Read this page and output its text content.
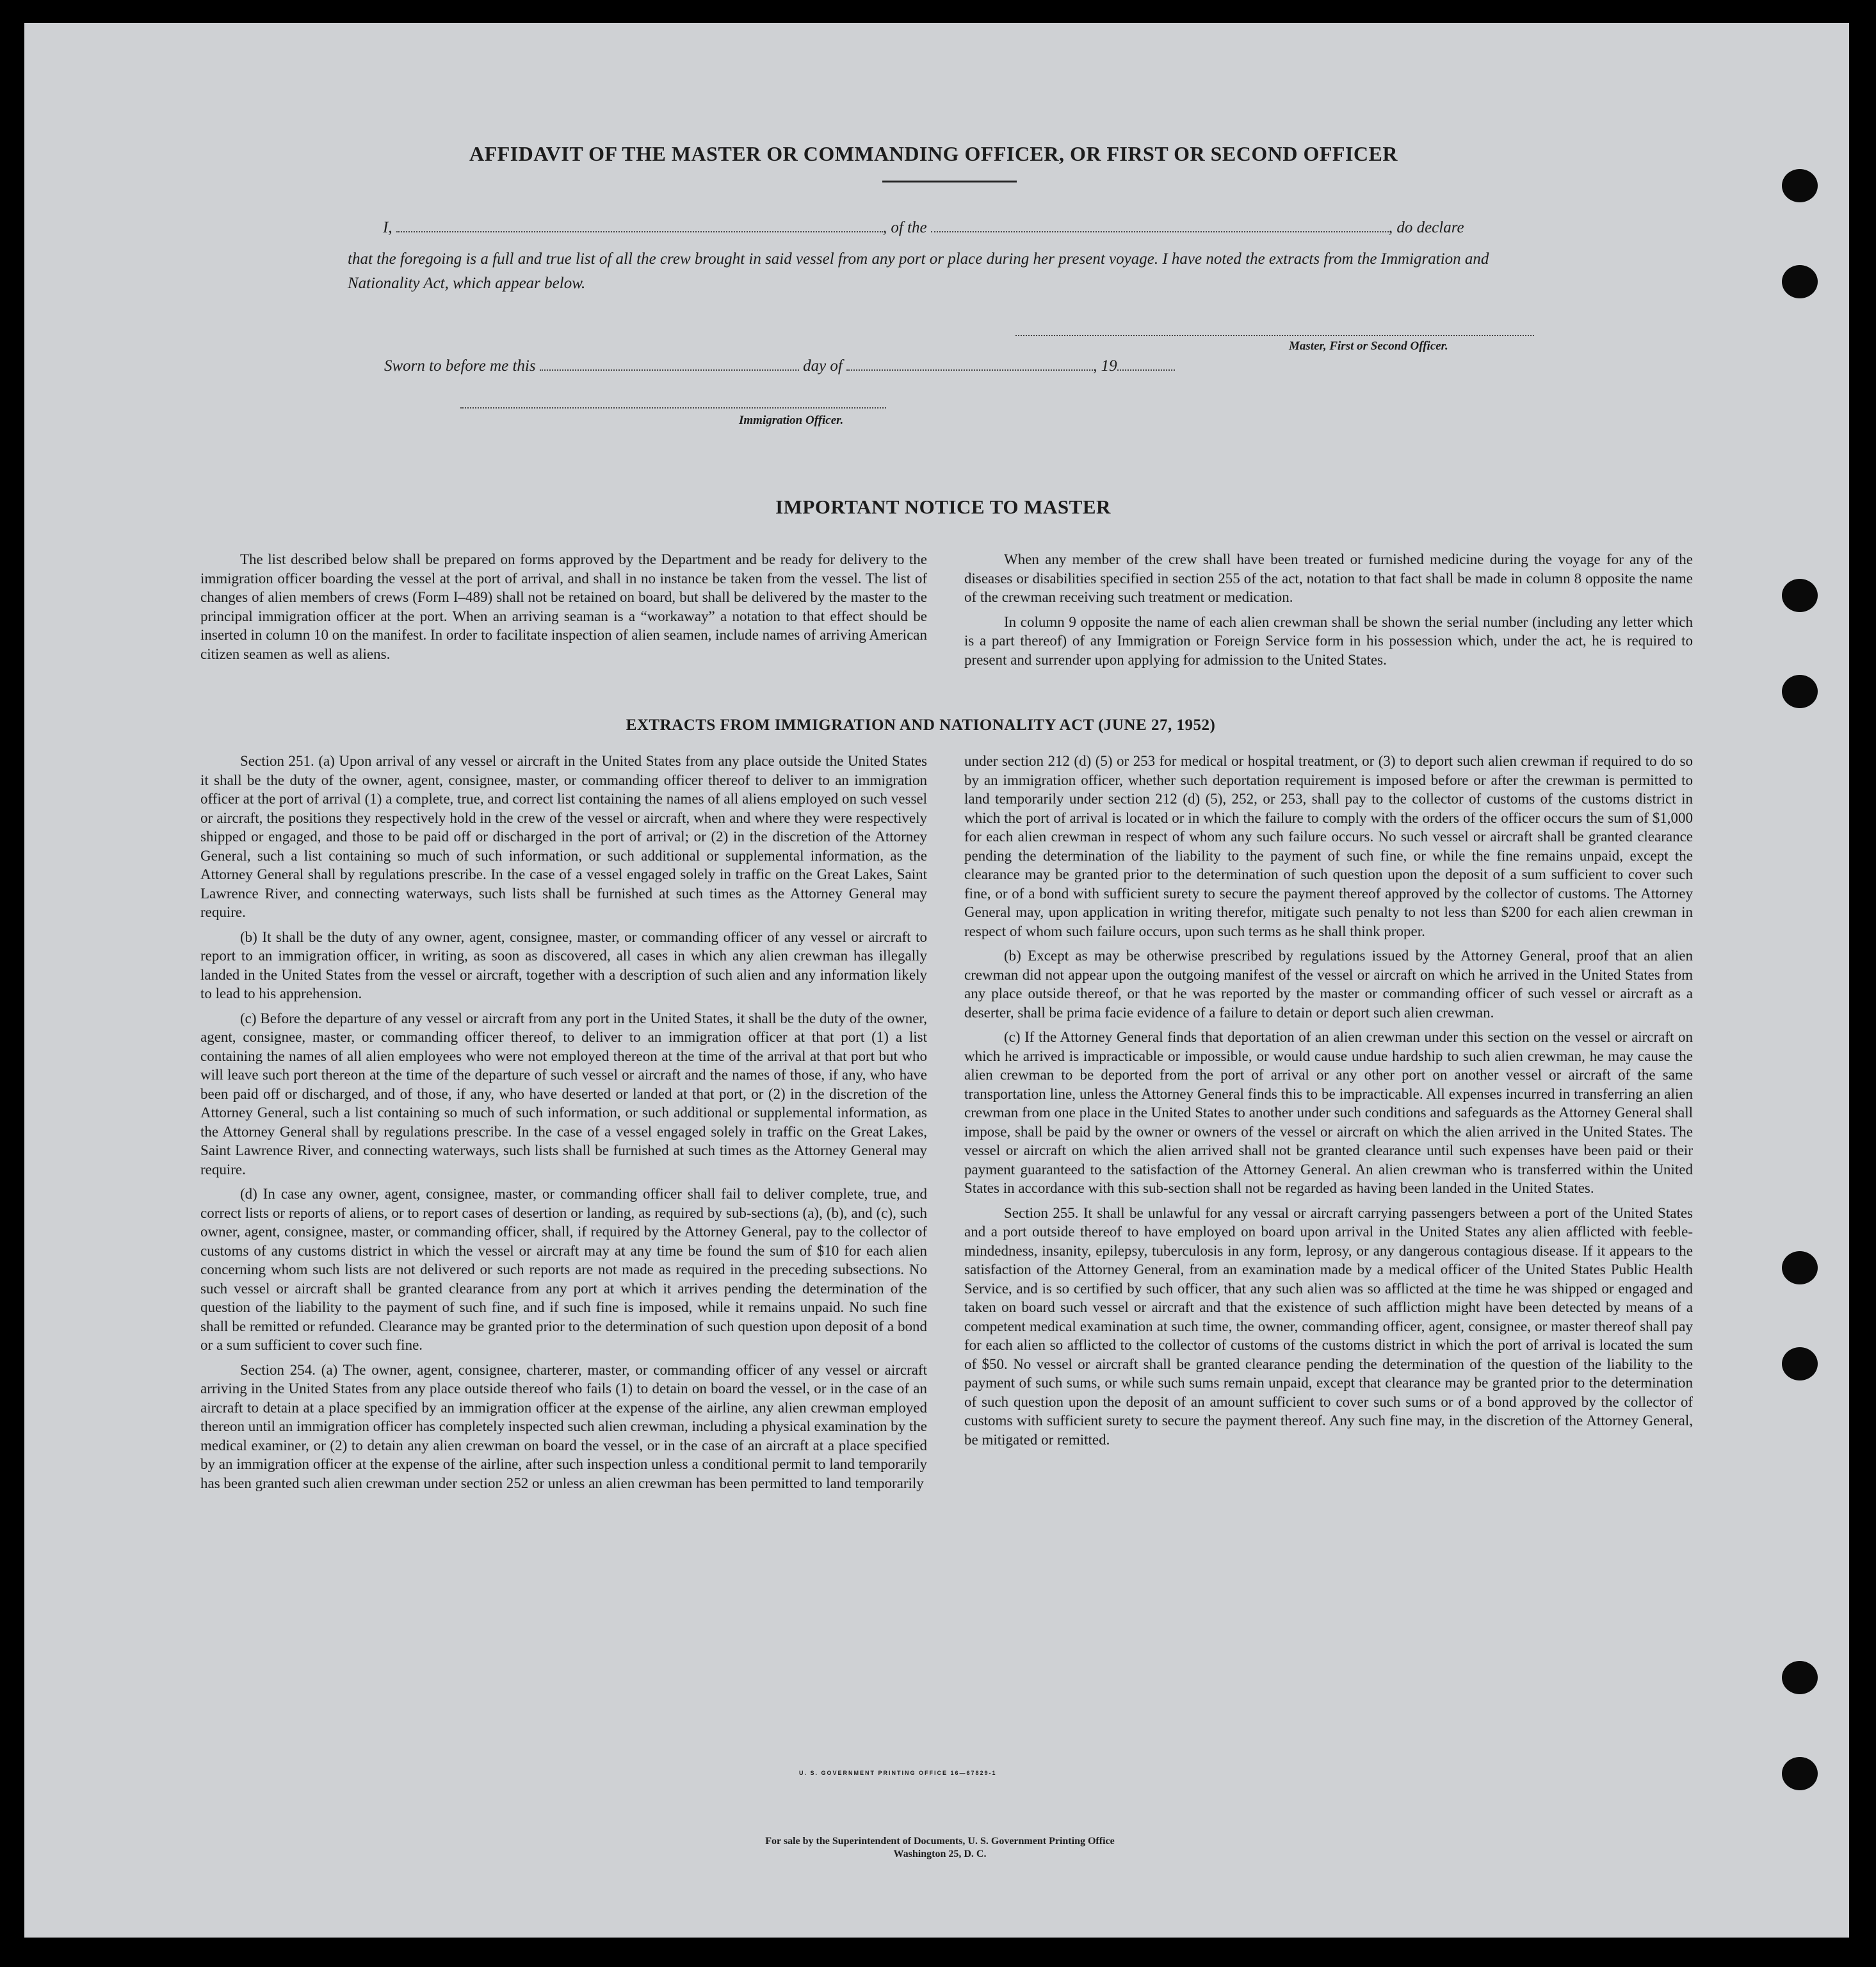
AFFIDAVIT OF THE MASTER OR COMMANDING OFFICER, OR FIRST OR SECOND OFFICER
I,	, of the	, do declare
that the foregoing is a full and true list of all the crew brought in said vessel from any port or place during her present voyage. I have noted the extracts from the Immigration and Nationality Act, which appear below.
Master, First or Second Officer.
Sworn to before me this	day of	, 19
Immigration Officer.
IMPORTANT NOTICE TO MASTER

The list described below shall be prepared on forms approved by the Department and be ready for delivery to the immigration officer boarding the vessel at the port of arrival, and shall in no instance be taken from the vessel. The list of changes of alien members of crews (Form I–489) shall not be retained on board, but shall be delivered by the master to the principal immigration officer at the port. When an arriving seaman is a “workaway” a notation to that effect should be inserted in column 10 on the manifest. In order to facilitate inspection of alien seamen, include names of arriving American citizen seamen as well as aliens.

When any member of the crew shall have been treated or furnished medicine during the voyage for any of the diseases or disabilities specified in section 255 of the act, notation to that fact shall be made in column 8 opposite the name of the crewman receiving such treatment or medication.

In column 9 opposite the name of each alien crewman shall be shown the serial number (including any letter which is a part thereof) of any Immigration or Foreign Service form in his possession which, under the act, he is required to present and surrender upon applying for admission to the United States.

EXTRACTS FROM IMMIGRATION AND NATIONALITY ACT (JUNE 27, 1952)

Section 251. (a) Upon arrival of any vessel or aircraft in the United States from any place outside the United States it shall be the duty of the owner, agent, consignee, master, or commanding officer thereof to deliver to an immigration officer at the port of arrival (1) a complete, true, and correct list containing the names of all aliens employed on such vessel or aircraft, the positions they respectively hold in the crew of the vessel or aircraft, when and where they were respectively shipped or engaged, and those to be paid off or discharged in the port of arrival; or (2) in the discretion of the Attorney General, such a list containing so much of such information, or such additional or supplemental information, as the Attorney General shall by regulations prescribe. In the case of a vessel engaged solely in traffic on the Great Lakes, Saint Lawrence River, and connecting waterways, such lists shall be furnished at such times as the Attorney General may require.

(b) It shall be the duty of any owner, agent, consignee, master, or commanding officer of any vessel or aircraft to report to an immigration officer, in writing, as soon as discovered, all cases in which any alien crewman has illegally landed in the United States from the vessel or aircraft, together with a description of such alien and any information likely to lead to his apprehension.

(c) Before the departure of any vessel or aircraft from any port in the United States, it shall be the duty of the owner, agent, consignee, master, or commanding officer thereof, to deliver to an immigration officer at that port (1) a list containing the names of all alien employees who were not employed thereon at the time of the arrival at that port but who will leave such port thereon at the time of the departure of such vessel or aircraft and the names of those, if any, who have been paid off or discharged, and of those, if any, who have deserted or landed at that port, or (2) in the discretion of the Attorney General, such a list containing so much of such information, or such additional or supplemental information, as the Attorney General shall by regulations prescribe. In the case of a vessel engaged solely in traffic on the Great Lakes, Saint Lawrence River, and connecting waterways, such lists shall be furnished at such times as the Attorney General may require.

(d) In case any owner, agent, consignee, master, or commanding officer shall fail to deliver complete, true, and correct lists or reports of aliens, or to report cases of desertion or landing, as required by sub-sections (a), (b), and (c), such owner, agent, consignee, master, or commanding officer, shall, if required by the Attorney General, pay to the collector of customs of any customs district in which the vessel or aircraft may at any time be found the sum of $10 for each alien concerning whom such lists are not delivered or such reports are not made as required in the preceding subsections. No such vessel or aircraft shall be granted clearance from any port at which it arrives pending the determination of the question of the liability to the payment of such fine, and if such fine is imposed, while it remains unpaid. No such fine shall be remitted or refunded. Clearance may be granted prior to the determination of such question upon deposit of a bond or a sum sufficient to cover such fine.

Section 254. (a) The owner, agent, consignee, charterer, master, or commanding officer of any vessel or aircraft arriving in the United States from any place outside thereof who fails (1) to detain on board the vessel, or in the case of an aircraft to detain at a place specified by an immigration officer at the expense of the airline, any alien crewman employed thereon until an immigration officer has completely inspected such alien crewman, including a physical examination by the medical examiner, or (2) to detain any alien crewman on board the vessel, or in the case of an aircraft at a place specified by an immigration officer at the expense of the airline, after such inspection unless a conditional permit to land temporarily has been granted such alien crewman under section 252 or unless an alien crewman has been permitted to land temporarily

under section 212 (d) (5) or 253 for medical or hospital treatment, or (3) to deport such alien crewman if required to do so by an immigration officer, whether such deportation requirement is imposed before or after the crewman is permitted to land temporarily under section 212 (d) (5), 252, or 253, shall pay to the collector of customs of the customs district in which the port of arrival is located or in which the failure to comply with the orders of the officer occurs the sum of $1,000 for each alien crewman in respect of whom any such failure occurs. No such vessel or aircraft shall be granted clearance pending the determination of the liability to the payment of such fine, or while the fine remains unpaid, except the clearance may be granted prior to the determination of such question upon the deposit of a sum sufficient to cover such fine, or of a bond with sufficient surety to secure the payment thereof approved by the collector of customs. The Attorney General may, upon application in writing therefor, mitigate such penalty to not less than $200 for each alien crewman in respect of whom such failure occurs, upon such terms as he shall think proper.

(b) Except as may be otherwise prescribed by regulations issued by the Attorney General, proof that an alien crewman did not appear upon the outgoing manifest of the vessel or aircraft on which he arrived in the United States from any place outside thereof, or that he was reported by the master or commanding officer of such vessel or aircraft as a deserter, shall be prima facie evidence of a failure to detain or deport such alien crewman.

(c) If the Attorney General finds that deportation of an alien crewman under this section on the vessel or aircraft on which he arrived is impracticable or impossible, or would cause undue hardship to such alien crewman, he may cause the alien crewman to be deported from the port of arrival or any other port on another vessel or aircraft of the same transportation line, unless the Attorney General finds this to be impracticable. All expenses incurred in transferring an alien crewman from one place in the United States to another under such conditions and safeguards as the Attorney General shall impose, shall be paid by the owner or owners of the vessel or aircraft on which the alien arrived in the United States. The vessel or aircraft on which the alien arrived shall not be granted clearance until such expenses have been paid or their payment guaranteed to the satisfaction of the Attorney General. An alien crewman who is transferred within the United States in accordance with this sub-section shall not be regarded as having been landed in the United States.

Section 255. It shall be unlawful for any vessal or aircraft carrying passengers between a port of the United States and a port outside thereof to have employed on board upon arrival in the United States any alien afflicted with feeble-mindedness, insanity, epilepsy, tuberculosis in any form, leprosy, or any dangerous contagious disease. If it appears to the satisfaction of the Attorney General, from an examination made by a medical officer of the United States Public Health Service, and is so certified by such officer, that any such alien was so afflicted at the time he was shipped or engaged and taken on board such vessel or aircraft and that the existence of such affliction might have been detected by means of a competent medical examination at such time, the owner, commanding officer, agent, consignee, or master thereof shall pay for each alien so afflicted to the collector of customs of the customs district in which the port of arrival is located the sum of $50. No vessel or aircraft shall be granted clearance pending the determination of the question of the liability to the payment of such sums, or while such sums remain unpaid, except that clearance may be granted prior to the determination of such question upon the deposit of an amount sufficient to cover such sums or of a bond approved by the collector of customs with sufficient surety to secure the payment thereof. Any such fine may, in the discretion of the Attorney General, be mitigated or remitted.

U. S. GOVERNMENT PRINTING OFFICE 16—67829-1
For sale by the Superintendent of Documents, U. S. Government Printing Office
Washington 25, D. C.
